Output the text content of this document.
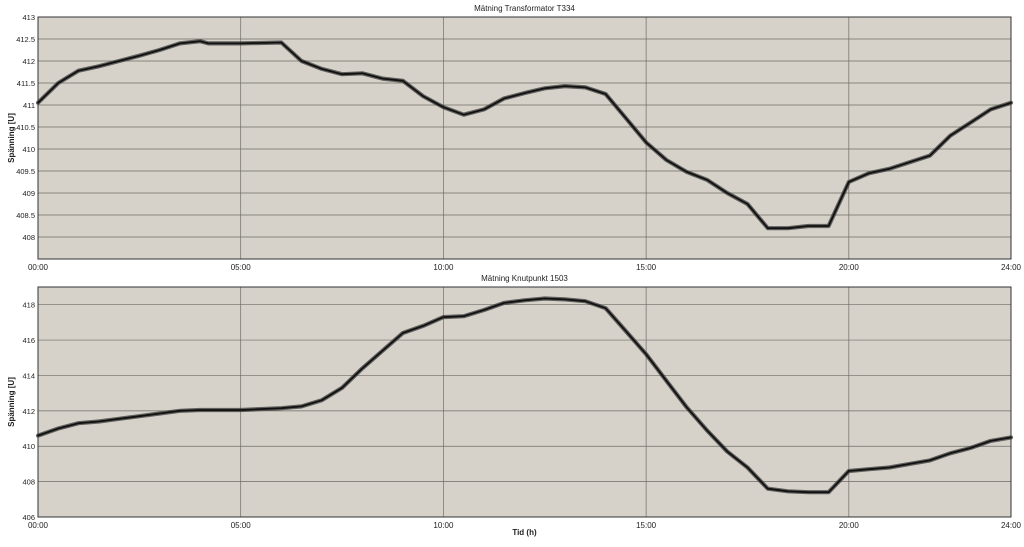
00:00	05:00	10:00	15:00	20:00	24:00
408
408.5
409
409.5
410
410.5
411
411.5
412
412.5
413
Mätning Transformator T334
Spänning [U]
00:00	05:00	10:00	15:00	20:00	24:00
406
408
410
412
414
416
418
Mätning Knutpunkt 1503
Spänning [U]
Tid (h)
